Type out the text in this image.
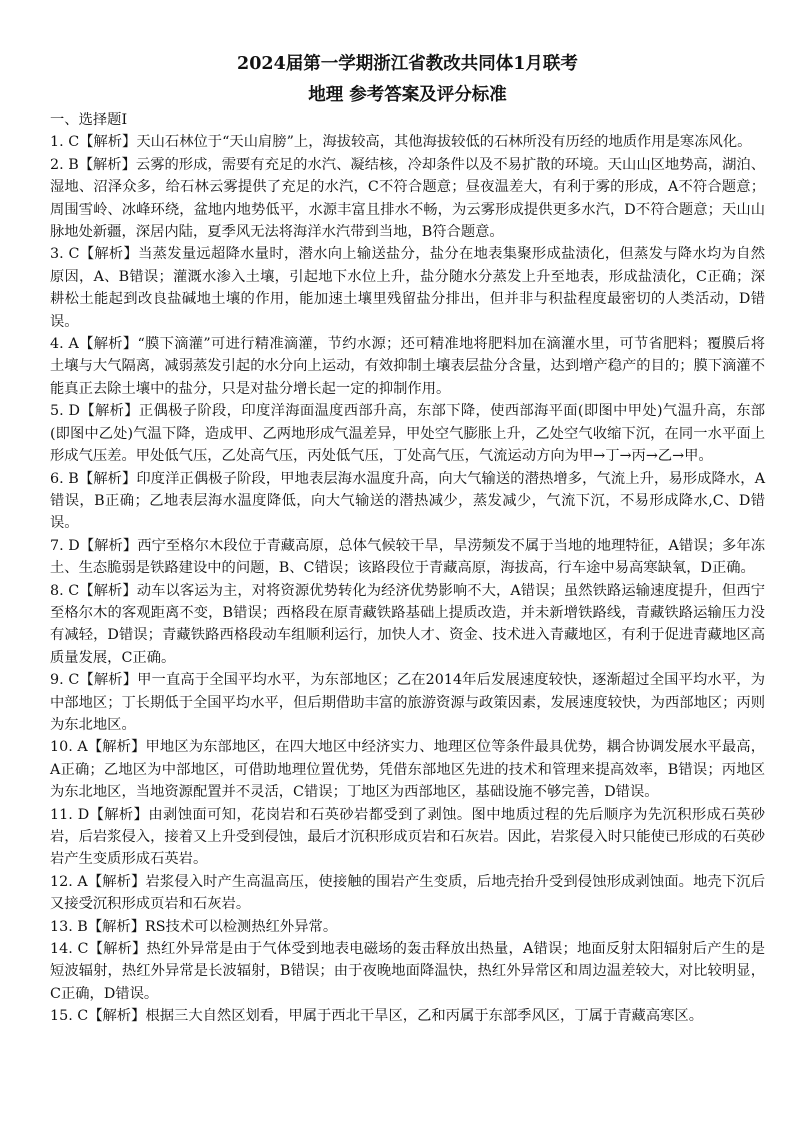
2024届第一学期浙江省教改共同体1月联考
地理 参考答案及评分标准
一、选择题Ⅰ
1. C【解析】天山石林位于“天山肩膀”上，海拔较高，其他海拔较低的石林所没有历经的地质作用是寒冻风化。
2. B【解析】云雾的形成，需要有充足的水汽、凝结核，冷却条件以及不易扩散的环境。天山山区地势高，湖泊、湿地、沼泽众多，给石林云雾提供了充足的水汽，C不符合题意；昼夜温差大，有利于雾的形成，A不符合题意；周围雪岭、冰峰环绕，盆地内地势低平，水源丰富且排水不畅，为云雾形成提供更多水汽，D不符合题意；天山山脉地处新疆，深居内陆，夏季风无法将海洋水汽带到当地，B符合题意。
3. C【解析】当蒸发量远超降水量时，潜水向上输送盐分，盐分在地表集聚形成盐渍化，但蒸发与降水均为自然原因，A、B错误；灌溉水渗入土壤，引起地下水位上升，盐分随水分蒸发上升至地表，形成盐渍化，C正确；深耕松土能起到改良盐碱地土壤的作用，能加速土壤里残留盐分排出，但并非与积盐程度最密切的人类活动，D错误。
4. A【解析】“膜下滴灌”可进行精准滴灌，节约水源；还可精准地将肥料加在滴灌水里，可节省肥料；覆膜后将土壤与大气隔离，减弱蒸发引起的水分向上运动，有效抑制土壤表层盐分含量，达到增产稳产的目的；膜下滴灌不能真正去除土壤中的盐分，只是对盐分增长起一定的抑制作用。
5. D【解析】正偶极子阶段，印度洋海面温度西部升高，东部下降，使西部海平面(即图中甲处)气温升高，东部(即图中乙处)气温下降，造成甲、乙两地形成气温差异，甲处空气膨胀上升，乙处空气收缩下沉，在同一水平面上形成气压差。甲处低气压，乙处高气压，丙处低气压，丁处高气压，气流运动方向为甲→丁→丙→乙→甲。
6. B【解析】印度洋正偶极子阶段，甲地表层海水温度升高，向大气输送的潜热增多，气流上升，易形成降水，A错误，B正确；乙地表层海水温度降低，向大气输送的潜热减少，蒸发减少，气流下沉，不易形成降水,C、D错误。
7. D【解析】西宁至格尔木段位于青藏高原，总体气候较干旱，旱涝频发不属于当地的地理特征，A错误；多年冻土、生态脆弱是铁路建设中的问题，B、C错误；该路段位于青藏高原，海拔高，行车途中易高寒缺氧，D正确。
8. C【解析】动车以客运为主，对将资源优势转化为经济优势影响不大，A错误；虽然铁路运输速度提升，但西宁至格尔木的客观距离不变，B错误；西格段在原青藏铁路基础上提质改造，并未新增铁路线，青藏铁路运输压力没有减轻，D错误；青藏铁路西格段动车组顺利运行，加快人才、资金、技术进入青藏地区，有利于促进青藏地区高质量发展，C正确。
9. C【解析】甲一直高于全国平均水平，为东部地区；乙在2014年后发展速度较快，逐渐超过全国平均水平，为中部地区；丁长期低于全国平均水平，但后期借助丰富的旅游资源与政策因素，发展速度较快，为西部地区；丙则为东北地区。
10. A【解析】甲地区为东部地区，在四大地区中经济实力、地理区位等条件最具优势，耦合协调发展水平最高，A正确；乙地区为中部地区，可借助地理位置优势，凭借东部地区先进的技术和管理来提高效率，B错误；丙地区为东北地区，当地资源配置并不灵活，C错误；丁地区为西部地区，基础设施不够完善，D错误。
11. D【解析】由剥蚀面可知，花岗岩和石英砂岩都受到了剥蚀。图中地质过程的先后顺序为先沉积形成石英砂岩，后岩浆侵入，接着又上升受到侵蚀，最后才沉积形成页岩和石灰岩。因此，岩浆侵入时只能使已形成的石英砂岩产生变质形成石英岩。
12. A【解析】岩浆侵入时产生高温高压，使接触的围岩产生变质，后地壳抬升受到侵蚀形成剥蚀面。地壳下沉后又接受沉积形成页岩和石灰岩。
13. B【解析】RS技术可以检测热红外异常。
14. C【解析】热红外异常是由于气体受到地表电磁场的轰击释放出热量，A错误；地面反射太阳辐射后产生的是短波辐射，热红外异常是长波辐射，B错误；由于夜晚地面降温快，热红外异常区和周边温差较大，对比较明显，C正确，D错误。
15. C【解析】根据三大自然区划看，甲属于西北干旱区，乙和丙属于东部季风区，丁属于青藏高寒区。
